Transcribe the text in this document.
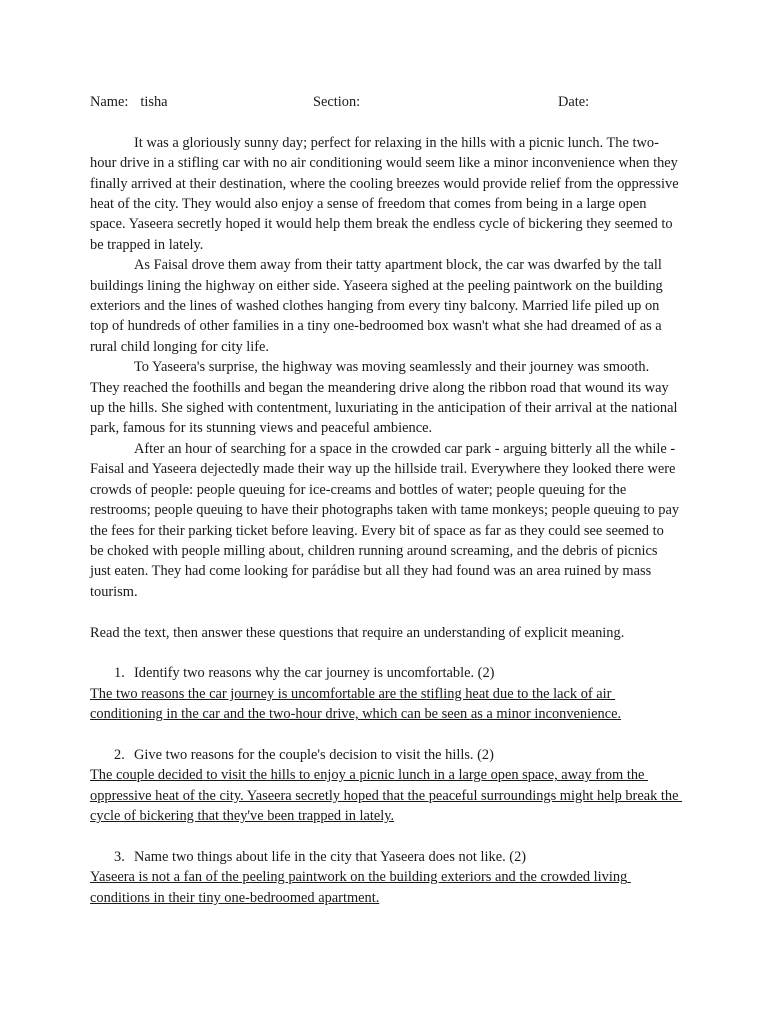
Name: tisha	Section:	Date:

It was a gloriously sunny day; perfect for relaxing in the hills with a picnic lunch. The two-hour drive in a stifling car with no air conditioning would seem like a minor inconvenience when they finally arrived at their destination, where the cooling breezes would provide relief from the oppressive heat of the city. They would also enjoy a sense of freedom that comes from being in a large open space. Yaseera secretly hoped it would help them break the endless cycle of bickering they seemed to be trapped in lately.

As Faisal drove them away from their tatty apartment block, the car was dwarfed by the tall buildings lining the highway on either side. Yaseera sighed at the peeling paintwork on the building exteriors and the lines of washed clothes hanging from every tiny balcony. Married life piled up on top of hundreds of other families in a tiny one-bedroomed box wasn't what she had dreamed of as a rural child longing for city life.

To Yaseera's surprise, the highway was moving seamlessly and their journey was smooth. They reached the foothills and began the meandering drive along the ribbon road that wound its way up the hills. She sighed with contentment, luxuriating in the anticipation of their arrival at the national park, famous for its stunning views and peaceful ambience.

After an hour of searching for a space in the crowded car park - arguing bitterly all the while - Faisal and Yaseera dejectedly made their way up the hillside trail. Everywhere they looked there were crowds of people: people queuing for ice-creams and bottles of water; people queuing for the restrooms; people queuing to have their photographs taken with tame monkeys; people queuing to pay the fees for their parking ticket before leaving. Every bit of space as far as they could see seemed to be choked with people milling about, children running around screaming, and the debris of picnics just eaten. They had come looking for parádise but all they had found was an area ruined by mass tourism.

Read the text, then answer these questions that require an understanding of explicit meaning.
1. Identify two reasons why the car journey is uncomfortable. (2)
The two reasons the car journey is uncomfortable are the stifling heat due to the lack of air conditioning in the car and the two-hour drive, which can be seen as a minor inconvenience.
2. Give two reasons for the couple's decision to visit the hills. (2)
The couple decided to visit the hills to enjoy a picnic lunch in a large open space, away from the oppressive heat of the city. Yaseera secretly hoped that the peaceful surroundings might help break the cycle of bickering that they've been trapped in lately.
3. Name two things about life in the city that Yaseera does not like. (2)
Yaseera is not a fan of the peeling paintwork on the building exteriors and the crowded living conditions in their tiny one-bedroomed apartment.
